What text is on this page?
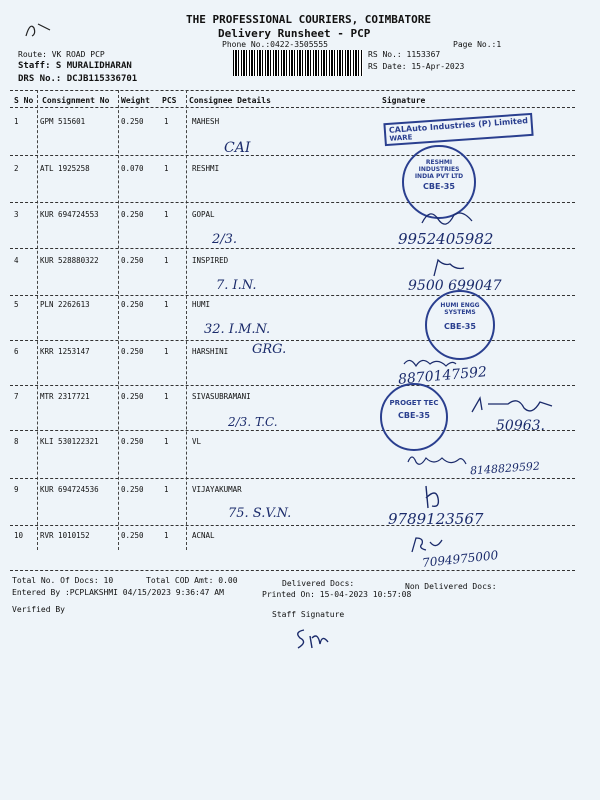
THE PROFESSIONAL COURIERS, COIMBATORE
Delivery Runsheet - PCP
Phone No.:0422-3505555	Page No.:1
Route: VK ROAD PCP
Staff: S MURALIDHARAN
DRS No.: DCJB115336701
RS No.: 1153367
RS Date: 15-Apr-2023
S No Consignment No Weight PCS Consignee Details	Signature
1	GPM 515601	0.250	1	MAHESH
CAI
2	ATL 1925258	0.070	1	RESHMI
3	KUR 694724553	0.250	1	GOPAL
2/3.	9952405982
4	KUR 528880322	0.250	1	INSPIRED
7. I.N.	9500 699047
5	PLN 2262613	0.250	1	HUMI
32. I.M.N.
6	KRR 1253147	0.250	1	HARSHINI GRG.
8870147592
7	MTR 2317721	0.250	1	SIVASUBRAMANI
2/3. T.C.	50963.
8	KLI 530122321	0.250	1	VL
8148829592
9	KUR 694724536	0.250	1	VIJAYAKUMAR
75. S.V.N.	9789123567
10 RVR 1010152	0.250	1	ACNAL
7094975000
CALAuto Industries (P) Limited
WARE
RESHMI INDUSTRIES INDIA PVT LTD
CBE-35
HUMI ENGG SYSTEMS
CBE-35
PROGET TEC
CBE-35
Total No. Of Docs: 10	Total COD Amt: 0.00	Delivered Docs:	Non Delivered Docs:
Entered By :PCPLAKSHMI 04/15/2023 9:36:47 AM	Printed On: 15-04-2023 10:57:08
Verified By
Staff Signature
